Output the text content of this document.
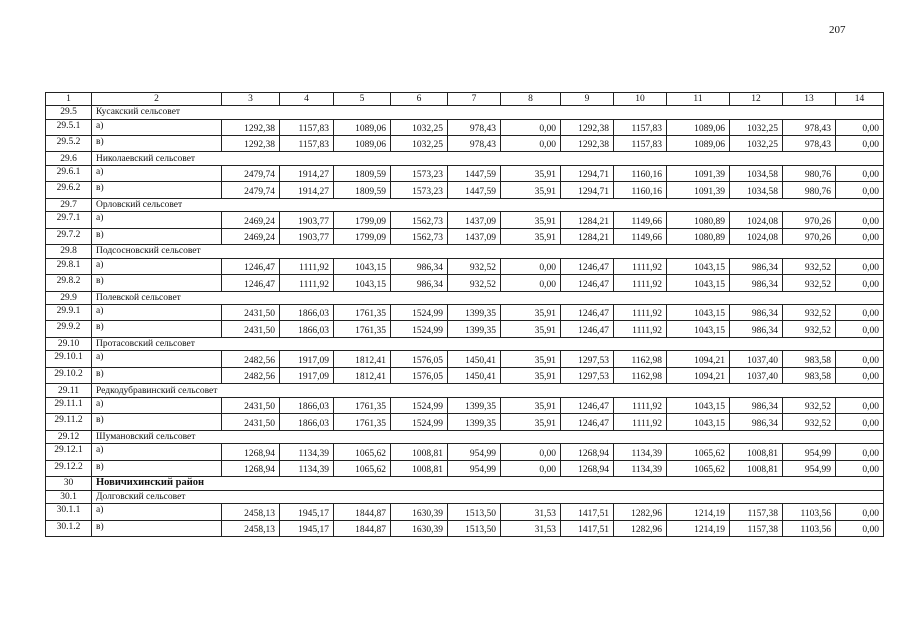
207
1	2	3	4	5	6	7	8	9	10	11	12	13	14
29.5	Кусакский сельсовет												
29.5.1	а)	1292,38	1157,83	1089,06	1032,25	978,43	0,00	1292,38	1157,83	1089,06	1032,25	978,43	0,00
29.5.2	в)	1292,38	1157,83	1089,06	1032,25	978,43	0,00	1292,38	1157,83	1089,06	1032,25	978,43	0,00
29.6	Николаевский сельсовет												
29.6.1	а)	2479,74	1914,27	1809,59	1573,23	1447,59	35,91	1294,71	1160,16	1091,39	1034,58	980,76	0,00
29.6.2	в)	2479,74	1914,27	1809,59	1573,23	1447,59	35,91	1294,71	1160,16	1091,39	1034,58	980,76	0,00
29.7	Орловский сельсовет												
29.7.1	а)	2469,24	1903,77	1799,09	1562,73	1437,09	35,91	1284,21	1149,66	1080,89	1024,08	970,26	0,00
29.7.2	в)	2469,24	1903,77	1799,09	1562,73	1437,09	35,91	1284,21	1149,66	1080,89	1024,08	970,26	0,00
29.8	Подсосновский сельсовет												
29.8.1	а)	1246,47	1111,92	1043,15	986,34	932,52	0,00	1246,47	1111,92	1043,15	986,34	932,52	0,00
29.8.2	в)	1246,47	1111,92	1043,15	986,34	932,52	0,00	1246,47	1111,92	1043,15	986,34	932,52	0,00
29.9	Полевской сельсовет												
29.9.1	а)	2431,50	1866,03	1761,35	1524,99	1399,35	35,91	1246,47	1111,92	1043,15	986,34	932,52	0,00
29.9.2	в)	2431,50	1866,03	1761,35	1524,99	1399,35	35,91	1246,47	1111,92	1043,15	986,34	932,52	0,00
29.10	Протасовский сельсовет												
29.10.1	а)	2482,56	1917,09	1812,41	1576,05	1450,41	35,91	1297,53	1162,98	1094,21	1037,40	983,58	0,00
29.10.2	в)	2482,56	1917,09	1812,41	1576,05	1450,41	35,91	1297,53	1162,98	1094,21	1037,40	983,58	0,00
29.11	Редкодубравинский сельсовет												
29.11.1	а)	2431,50	1866,03	1761,35	1524,99	1399,35	35,91	1246,47	1111,92	1043,15	986,34	932,52	0,00
29.11.2	в)	2431,50	1866,03	1761,35	1524,99	1399,35	35,91	1246,47	1111,92	1043,15	986,34	932,52	0,00
29.12	Шумановский сельсовет												
29.12.1	а)	1268,94	1134,39	1065,62	1008,81	954,99	0,00	1268,94	1134,39	1065,62	1008,81	954,99	0,00
29.12.2	в)	1268,94	1134,39	1065,62	1008,81	954,99	0,00	1268,94	1134,39	1065,62	1008,81	954,99	0,00
30	Новичихинский район												
30.1	Долговский сельсовет												
30.1.1	а)	2458,13	1945,17	1844,87	1630,39	1513,50	31,53	1417,51	1282,96	1214,19	1157,38	1103,56	0,00
30.1.2	в)	2458,13	1945,17	1844,87	1630,39	1513,50	31,53	1417,51	1282,96	1214,19	1157,38	1103,56	0,00
